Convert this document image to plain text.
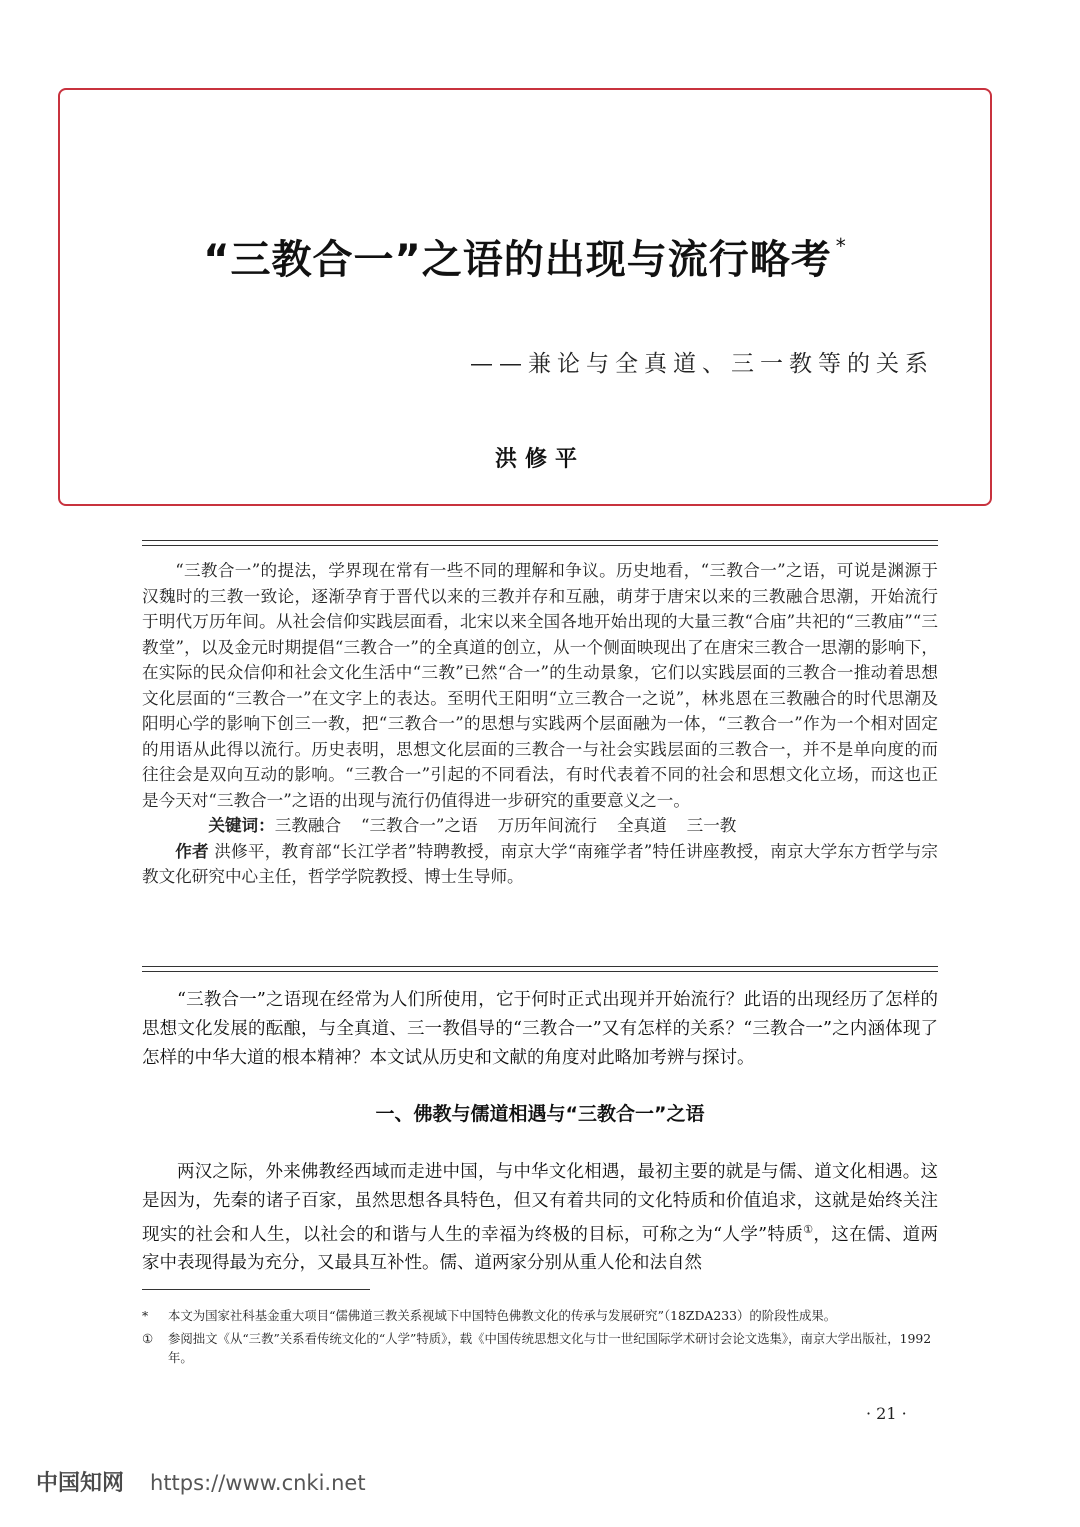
“三教合一”之语的出现与流行略考 *
——兼论与全真道、三一教等的关系
洪修平

“三教合一”的提法，学界现在常有一些不同的理解和争议。历史地看，“三教合一”之语，可说是渊源于汉魏时的三教一致论，逐渐孕育于晋代以来的三教并存和互融，萌芽于唐宋以来的三教融合思潮，开始流行于明代万历年间。从社会信仰实践层面看，北宋以来全国各地开始出现的大量三教“合庙”共祀的“三教庙”“三教堂”，以及金元时期提倡“三教合一”的全真道的创立，从一个侧面映现出了在唐宋三教合一思潮的影响下，在实际的民众信仰和社会文化生活中“三教”已然“合一”的生动景象，它们以实践层面的三教合一推动着思想文化层面的“三教合一”在文字上的表达。至明代王阳明“立三教合一之说”，林兆恩在三教融合的时代思潮及阳明心学的影响下创三一教，把“三教合一”的思想与实践两个层面融为一体，“三教合一”作为一个相对固定的用语从此得以流行。历史表明，思想文化层面的三教合一与社会实践层面的三教合一，并不是单向度的而往往会是双向互动的影响。“三教合一”引起的不同看法，有时代表着不同的社会和思想文化立场，而这也正是今天对“三教合一”之语的出现与流行仍值得进一步研究的重要意义之一。

关键词：三教融合 “三教合一”之语 万历年间流行 全真道 三一教

作者 洪修平，教育部“长江学者”特聘教授，南京大学“南雍学者”特任讲座教授，南京大学东方哲学与宗教文化研究中心主任，哲学学院教授、博士生导师。

“三教合一”之语现在经常为人们所使用，它于何时正式出现并开始流行？此语的出现经历了怎样的思想文化发展的酝酿，与全真道、三一教倡导的“三教合一”又有怎样的关系？“三教合一”之内涵体现了怎样的中华大道的根本精神？本文试从历史和文献的角度对此略加考辨与探讨。

一、佛教与儒道相遇与“三教合一”之语

两汉之际，外来佛教经西域而走进中国，与中华文化相遇，最初主要的就是与儒、道文化相遇。这是因为，先秦的诸子百家，虽然思想各具特色，但又有着共同的文化特质和价值追求，这就是始终关注现实的社会和人生，以社会的和谐与人生的幸福为终极的目标，可称之为“人学”特质①，这在儒、道两家中表现得最为充分，又最具互补性。儒、道两家分别从重人伦和法自然

* 本文为国家社科基金重大项目“儒佛道三教关系视域下中国特色佛教文化的传承与发展研究”（18ZDA233）的阶段性成果。
① 参阅拙文《从“三教”关系看传统文化的“人学”特质》，载《中国传统思想文化与廿一世纪国际学术研讨会论文选集》，南京大学出版社，1992 年。
· 21 ·
中国知网 https://www.cnki.net
